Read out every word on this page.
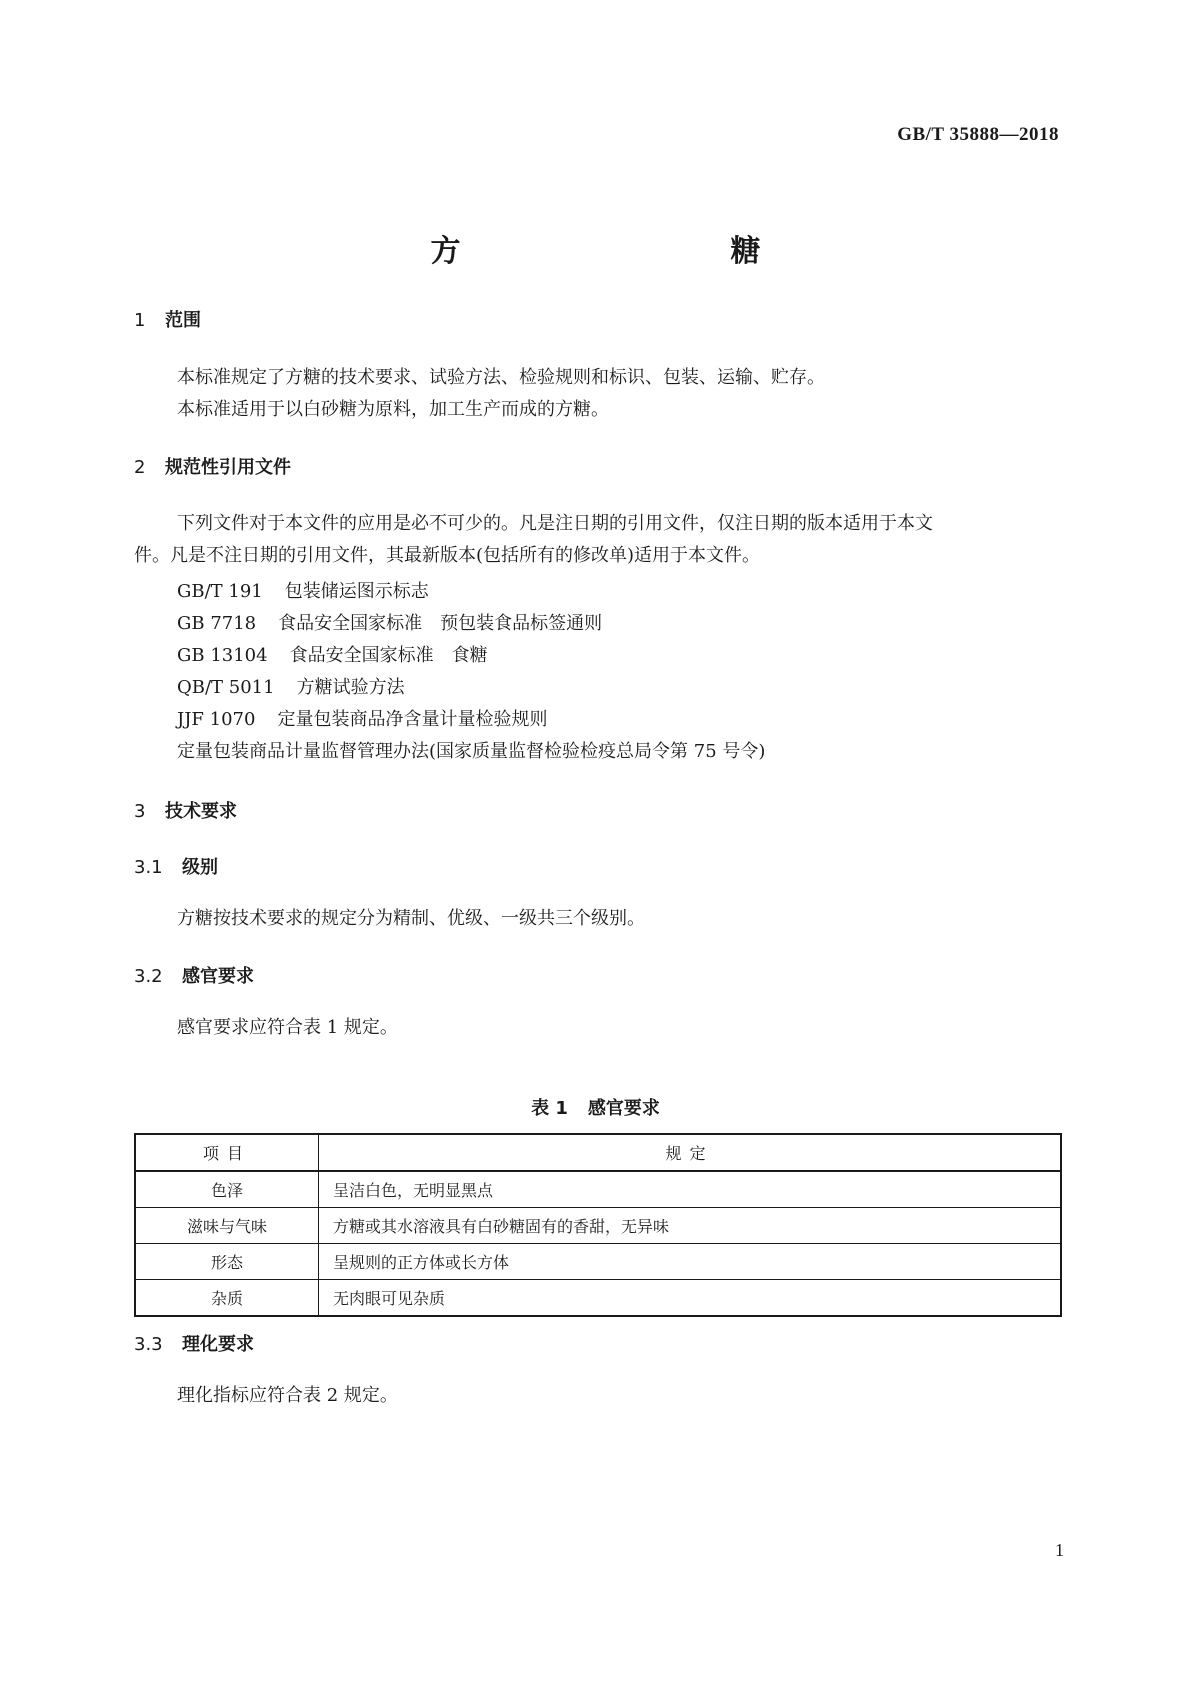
GB/T 35888—2018
方　糖
1 范围
本标准规定了方糖的技术要求、试验方法、检验规则和标识、包装、运输、贮存。
本标准适用于以白砂糖为原料，加工生产而成的方糖。
2 规范性引用文件
下列文件对于本文件的应用是必不可少的。凡是注日期的引用文件，仅注日期的版本适用于本文
件。凡是不注日期的引用文件，其最新版本(包括所有的修改单)适用于本文件。
GB/T 191 包装储运图示标志
GB 7718 食品安全国家标准　预包装食品标签通则
GB 13104 食品安全国家标准　食糖
QB/T 5011 方糖试验方法
JJF 1070 定量包装商品净含量计量检验规则
定量包装商品计量监督管理办法(国家质量监督检验检疫总局令第 75 号令)
3 技术要求
3.1 级别
方糖按技术要求的规定分为精制、优级、一级共三个级别。
3.2 感官要求
感官要求应符合表 1 规定。
表 1 感官要求
项目	规定
色泽	呈洁白色，无明显黑点
滋味与气味	方糖或其水溶液具有白砂糖固有的香甜，无异味
形态	呈规则的正方体或长方体
杂质	无肉眼可见杂质
3.3 理化要求
理化指标应符合表 2 规定。
1
